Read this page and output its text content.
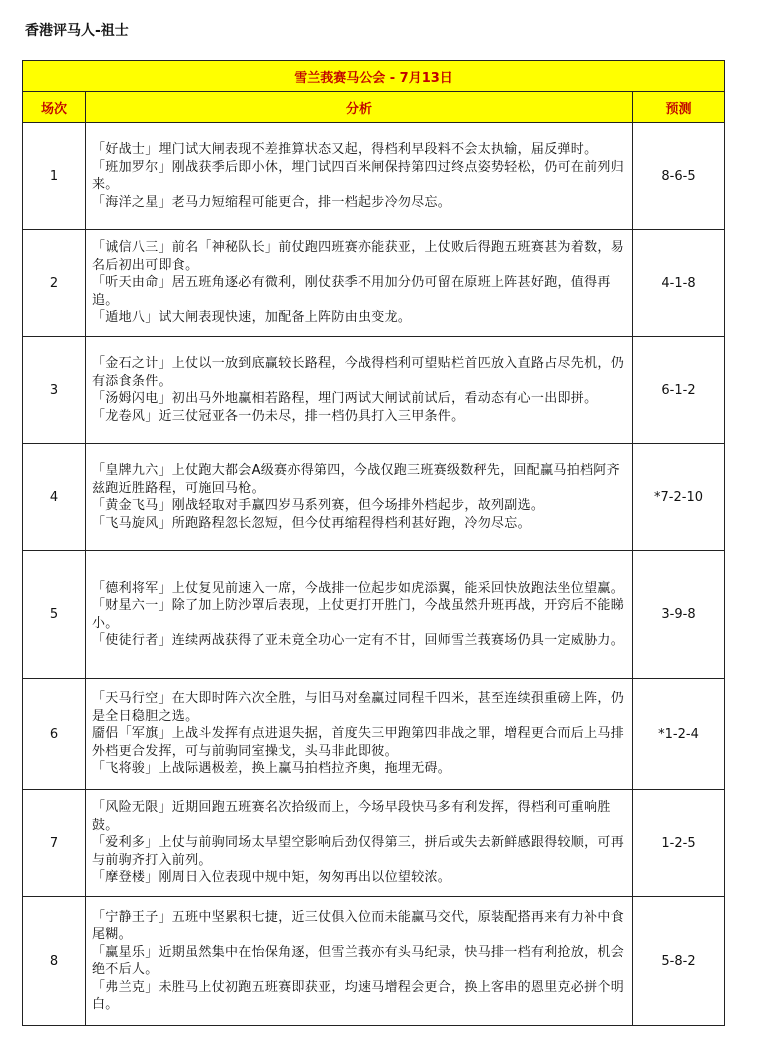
香港评马人-祖士
雪兰莪赛马公会 - 7月13日		
场次	分析	预测
1	「好战士」埋门试大闸表现不差推算状态又起，得档利早段料不会太执输，届反弹时。

「班加罗尔」刚战获季后即小休，埋门试四百米闸保持第四过终点姿势轻松，仍可在前列归来。

「海洋之星」老马力短缩程可能更合，排一档起步冷勿尽忘。	8-6-5
2	「诚信八三」前名「神秘队长」前仗跑四班赛亦能获亚，上仗败后得跑五班赛甚为着数，易名后初出可即食。

「听天由命」居五班角逐必有微利，刚仗获季不用加分仍可留在原班上阵甚好跑，值得再追。

「遁地八」试大闸表现快速，加配备上阵防由虫变龙。	4-1-8
3	「金石之计」上仗以一放到底赢较长路程，今战得档利可望贴栏首匹放入直路占尽先机，仍有添食条件。

「汤姆闪电」初出马外地赢相若路程，埋门两试大闸试前试后，看动态有心一出即拼。

「龙卷风」近三仗冠亚各一仍未尽，排一档仍具打入三甲条件。	6-1-2
4	「皇牌九六」上仗跑大都会A级赛亦得第四，今战仅跑三班赛级数秤先，回配赢马拍档阿齐兹跑近胜路程，可施回马枪。

「黄金飞马」刚战轻取对手赢四岁马系列赛，但今场排外档起步，故列副选。

「飞马旋风」所跑路程忽长忽短，但今仗再缩程得档利甚好跑，冷勿尽忘。	*7-2-10
5	「德利将军」上仗复见前速入一席，今战排一位起步如虎添翼，能采回快放跑法坐位望赢。

「财星六一」除了加上防沙罩后表现，上仗更打开胜门，今战虽然升班再战，开窍后不能睇小。

「使徒行者」连续两战获得了亚未竟全功心一定有不甘，回师雪兰莪赛场仍具一定威胁力。	3-9-8
6	「天马行空」在大即时阵六次全胜，与旧马对垒赢过同程千四米，甚至连续孭重磅上阵，仍是全日稳胆之选。

靥侣「军旗」上战斗发挥有点进退失据，首度失三甲跑第四非战之罪，增程更合而后上马排外档更合发挥，可与前驹同室操戈，头马非此即彼。

「飞将骏」上战际遇极差，换上赢马拍档拉齐奥，拖埋无碍。	*1-2-4
7	「风险无限」近期回跑五班赛名次拾级而上，今场早段快马多有利发挥，得档利可重响胜鼓。

「爱利多」上仗与前驹同场太早望空影响后劲仅得第三，拼后或失去新鲜感跟得较顺，可再与前驹齐打入前列。

「摩登楼」刚周日入位表现中规中矩，匆匆再出以位望较浓。	1-2-5
8	「宁静王子」五班中坚累积七捷，近三仗俱入位而未能赢马交代，原装配搭再来有力补中食尾糊。

「赢星乐」近期虽然集中在怡保角逐，但雪兰莪亦有头马纪录，快马排一档有利抢放，机会绝不后人。

「弗兰克」未胜马上仗初跑五班赛即获亚，均速马增程会更合，换上客串的恩里克必拼个明白。	5-8-2
